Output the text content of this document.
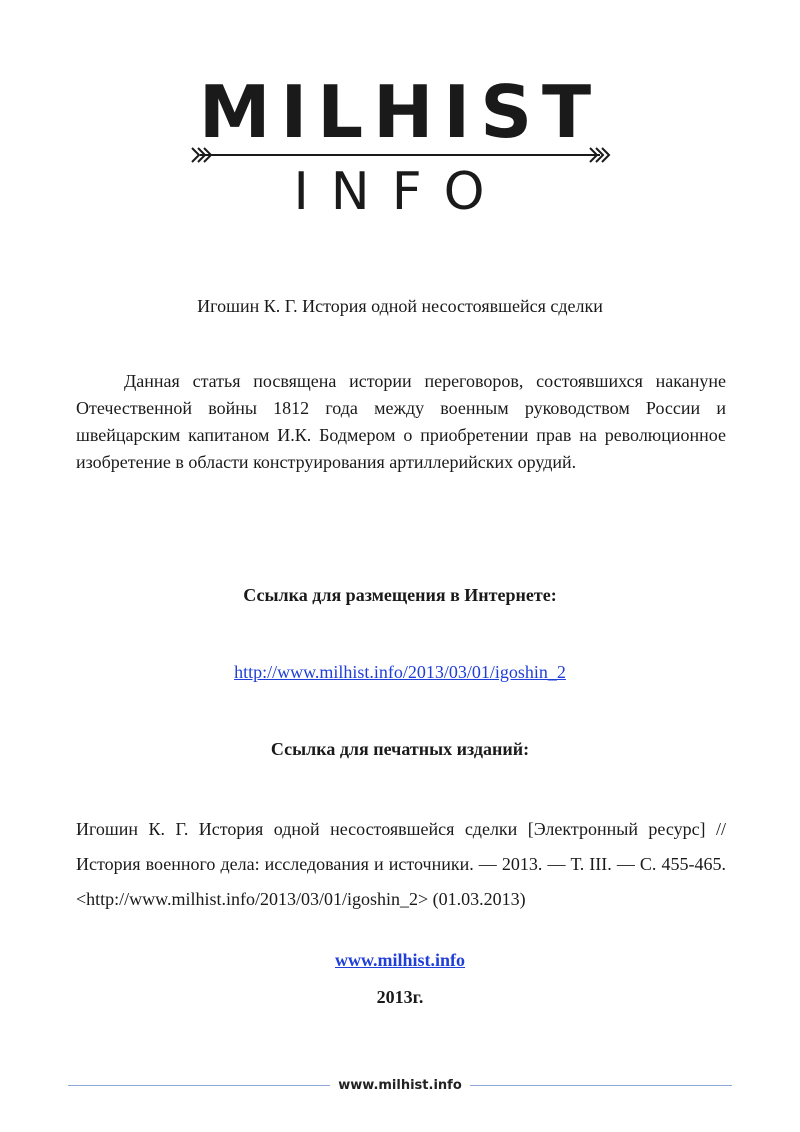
MILHIST
INFO
Игошин К. Г. История одной несостоявшейся сделки
Данная статья посвящена истории переговоров, состоявшихся накануне Отечественной войны 1812 года между военным руководством России и швейцарским капитаном И.К. Бодмером о приобретении прав на революционное изобретение в области конструирования артиллерийских орудий.
Ссылка для размещения в Интернете:
http://www.milhist.info/2013/03/01/igoshin_2
Ссылка для печатных изданий:
Игошин К. Г. История одной несостоявшейся сделки [Электронный ресурс] // История военного дела: исследования и источники. — 2013. — Т. III. — С. 455-465. <http://www.milhist.info/2013/03/01/igoshin_2> (01.03.2013)
www.milhist.info
2013г.
www.milhist.info
